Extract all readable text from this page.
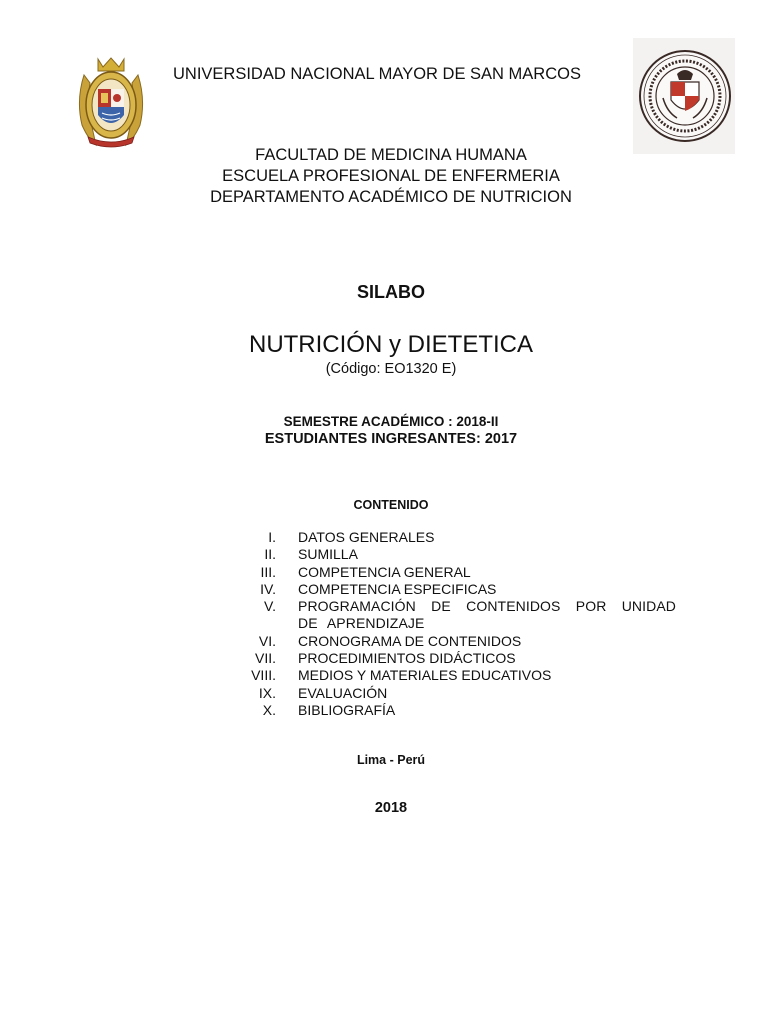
UNIVERSIDAD NACIONAL MAYOR DE SAN MARCOS
FACULTAD DE MEDICINA HUMANA
ESCUELA PROFESIONAL DE ENFERMERIA
DEPARTAMENTO ACADÉMICO DE NUTRICION
SILABO
NUTRICIÓN y DIETETICA
(Código: EO1320 E)
SEMESTRE ACADÉMICO : 2018-II
ESTUDIANTES INGRESANTES: 2017
CONTENIDO
I. DATOS GENERALES
II. SUMILLA
III. COMPETENCIA GENERAL
IV. COMPETENCIA ESPECIFICAS
V. PROGRAMACIÓN DE CONTENIDOS POR UNIDAD DE APRENDIZAJE
VI. CRONOGRAMA DE CONTENIDOS
VII. PROCEDIMIENTOS DIDÁCTICOS
VIII. MEDIOS Y MATERIALES EDUCATIVOS
IX. EVALUACIÓN
X. BIBLIOGRAFÍA
Lima - Perú
2018
